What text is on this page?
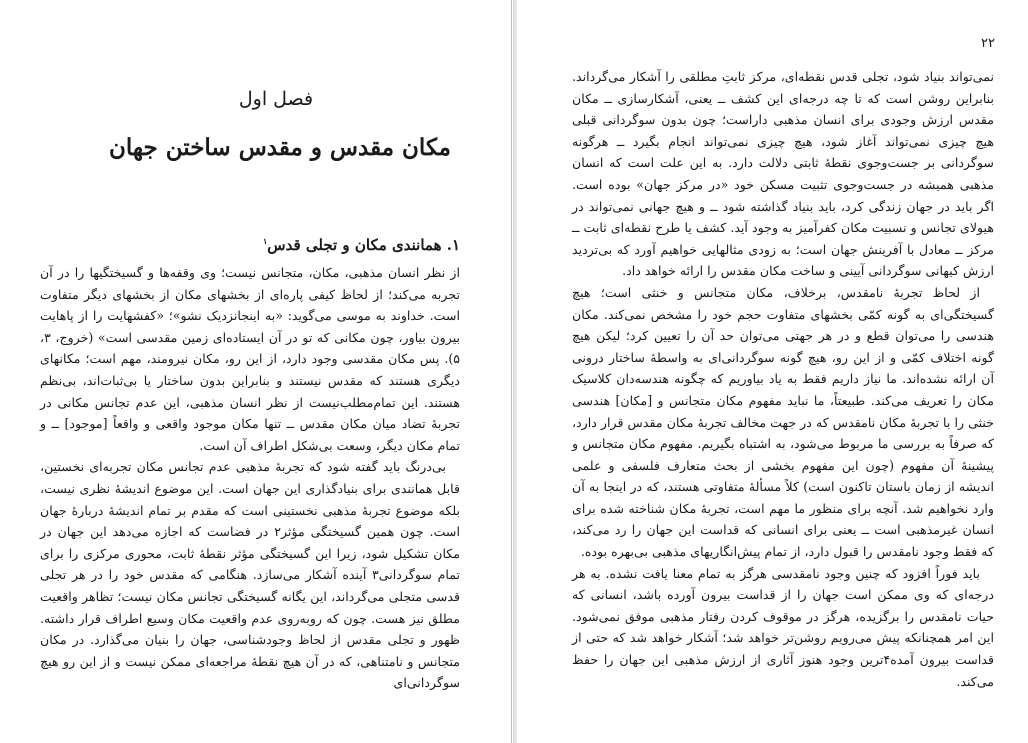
فصل اول
مکان مقدس و مقدس ساختن جهان
۱. همانندی مکان و تجلی قدس$^۱$

از نظر انسان مذهبی، مکان، متجانس نیست؛ وی وقفه‌ها و گسیختگیها را در آن تجربه می‌کند؛ از لحاظ کیفی پاره‌ای از بخشهای مکان از بخشهای دیگر متفاوت است. خداوند به موسی می‌گوید: «به اینجانزدیک نشو»؛ «کفشهایت را از پاهایت بیرون بیاور، چون مکانی که تو در آن ایستاده‌ای زمین مقدسی است» (خروج، ۳، ۵). پس مکان مقدسی وجود دارد، از این رو، مکان نیرومند، مهم است؛ مکانهای دیگری هستند که مقدس نیستند و بنابراین بدون ساختار یا بی‌ثبات‌اند، بی‌نظم هستند. این تمام‌مطلب‌نیست از نظر انسان مذهبی، این عدم تجانس مکانی در تجربهٔ تضاد میان مکان مقدس ــ تنها مکان موجود واقعی و واقعاً [موجود] ــ و تمام مکان دیگر، وسعت بی‌شکل اطراف آن است.

بی‌درنگ باید گفته شود که تجربهٔ مذهبی عدم تجانس مکان تجربه‌ای نخستین، قابل همانندی برای بنیادگذاری این جهان است. این موضوع اندیشهٔ نظری نیست، بلکه موضوع تجربهٔ مذهبی نخستینی است که مقدم بر تمام اندیشهٔ دربارهٔ جهان است. چون همین گسیختگی مؤثر۲ در فضاست که اجازه می‌دهد این جهان در مکان تشکیل شود، زیرا این گسیختگی مؤثر نقطهٔ ثابت، محوری مرکزی را برای تمام سوگردانی۳ آینده آشکار می‌سازد. هنگامی که مقدس خود را در هر تجلی قدسی متجلی می‌گرداند، این یگانه گسیختگی تجانس مکان نیست؛ تظاهر واقعیت مطلق نیز هست. چون که روبه‌روی عدم واقعیت مکان وسیع اطراف قرار داشته. ظهور و تجلی مقدس از لحاظ وجودشناسی، جهان را بنیان می‌گذارد. در مکان متجانس و نامتناهی، که در آن هیچ نقطهٔ مراجعه‌ای ممکن نیست و از این رو هیچ سوگردانی‌ای

۲۲

نمی‌تواند بنیاد شود، تجلی قدس نقطه‌ای، مرکز ثابتِ مطلقی را آشکار می‌گرداند. بنابراین روشن است که تا چه درجه‌ای این کشف ــ یعنی، آشکارسازی ــ مکان مقدس ارزش وجودی برای انسان مذهبی داراست؛ چون بدون سوگردانی قبلی هیچ چیزی نمی‌تواند آغاز شود، هیچ چیزی نمی‌تواند انجام بگیرد ــ هرگونه سوگردانی بر جست‌وجوی نقطهٔ ثابتی دلالت دارد. به این علت است که انسان مذهبی همیشه در جست‌وجوی تثبیت مسکن خود «در مرکز جهان» بوده است. اگر باید در جهان زندگی کرد، باید بنیاد گذاشته شود ــ و هیچ جهانی نمی‌تواند در هیولای تجانس و نسبیت مکان کفرآمیز به وجود آید. کشف یا طرح نقطه‌ای ثابت ــ مرکز ــ معادل با آفرینش جهان است؛ به زودی مثالهایی خواهیم آورد که بی‌تردید ارزش کیهانی سوگردانی آیینی و ساخت مکان مقدس را ارائه خواهد داد.

از لحاظ تجربهٔ نامقدس، برخلاف، مکان متجانس و خنثی است؛ هیچ گسیختگی‌ای به گونه کمّی بخشهای متفاوت حجم خود را مشخص نمی‌کند. مکان هندسی را می‌توان قطع و در هر جهتی می‌توان حد آن را تعیین کرد؛ لیکن هیچ گونه اختلاف کمّی و از این رو، هیچ گونه سوگردانی‌ای به واسطهٔ ساختار درونی آن ارائه نشده‌اند. ما نیاز داریم فقط به یاد بیاوریم که چگونه هندسه‌دان کلاسیک مکان را تعریف می‌کند. طبیعتاً، ما نباید مفهوم مکان متجانس و [مکان] هندسی خنثی را با تجربهٔ مکان نامقدس که در جهت مخالف تجربهٔ مکان مقدس قرار دارد، که صرفاً به بررسی ما مربوط می‌شود، به اشتباه بگیریم. مفهوم مکان متجانس و پیشینهٔ آن مفهوم (چون این مفهوم بخشی از بحث متعارف فلسفی و علمی اندیشه از زمان باستان تاکنون است) کلاً مسألهٔ متفاوتی هستند، که در اینجا به آن وارد نخواهیم شد. آنچه برای منظور ما مهم است، تجربهٔ مکان شناخته شده برای انسان غیرمذهبی است ــ یعنی برای انسانی که قداست این جهان را رد می‌کند، که فقط وجود نامقدس را قبول دارد، از تمام پیش‌انگاریهای مذهبی بی‌بهره بوده.

باید فوراً افزود که چنین وجود نامقدسی هرگز به تمام معنا یافت نشده. به هر درجه‌ای که وی ممکن است جهان را از قداست بیرون آورده باشد، انسانی که حیات نامقدس را برگزیده، هرگز در موقوف کردن رفتار مذهبی موفق نمی‌شود. این امر همچنانکه پیش می‌رویم روشن‌تر خواهد شد؛ آشکار خواهد شد که حتی از قداست بیرون آمده۴‌ترین وجود هنوز آثاری از ارزش مذهبی این جهان را حفظ می‌کند.
